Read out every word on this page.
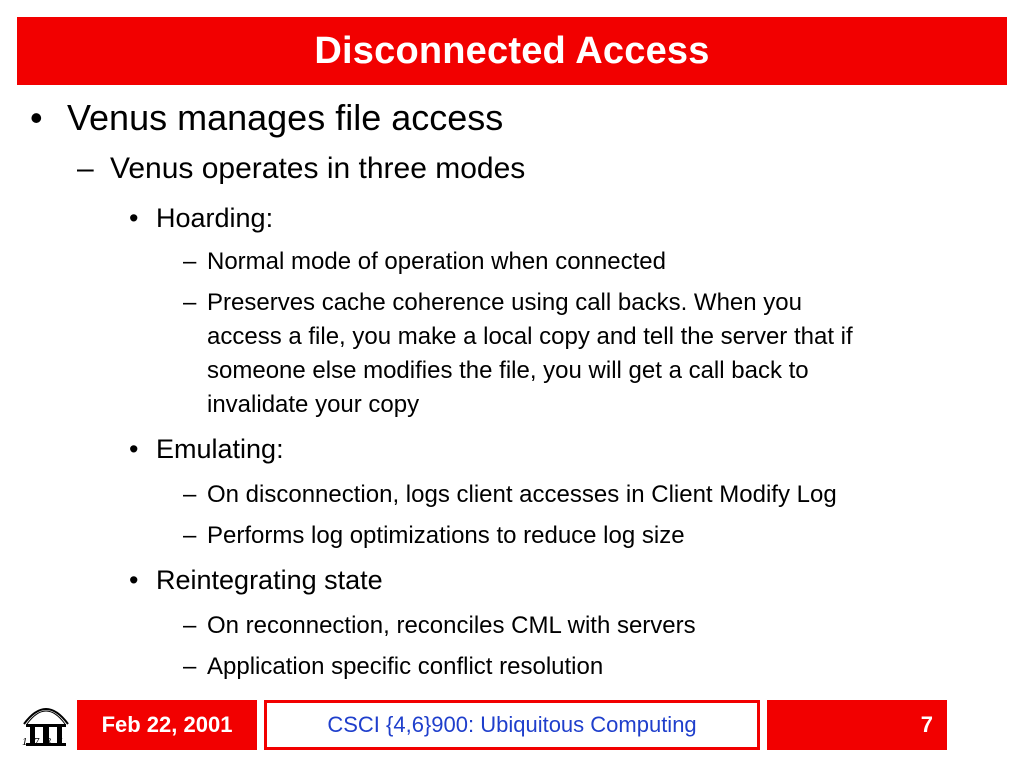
Disconnected Access
• Venus manages file access
– Venus operates in three modes
• Hoarding:
– Normal mode of operation when connected
– Preserves cache coherence using call backs. When you
access a file, you make a local copy and tell the server that if
someone else modifies the file, you will get a call back to
invalidate your copy
• Emulating:
– On disconnection, logs client accesses in Client Modify Log
– Performs log optimizations to reduce log size
• Reintegrating state
– On reconnection, reconciles CML with servers
– Application specific conflict resolution
1785
Feb 22, 2001	CSCI {4,6}900: Ubiquitous Computing	7
